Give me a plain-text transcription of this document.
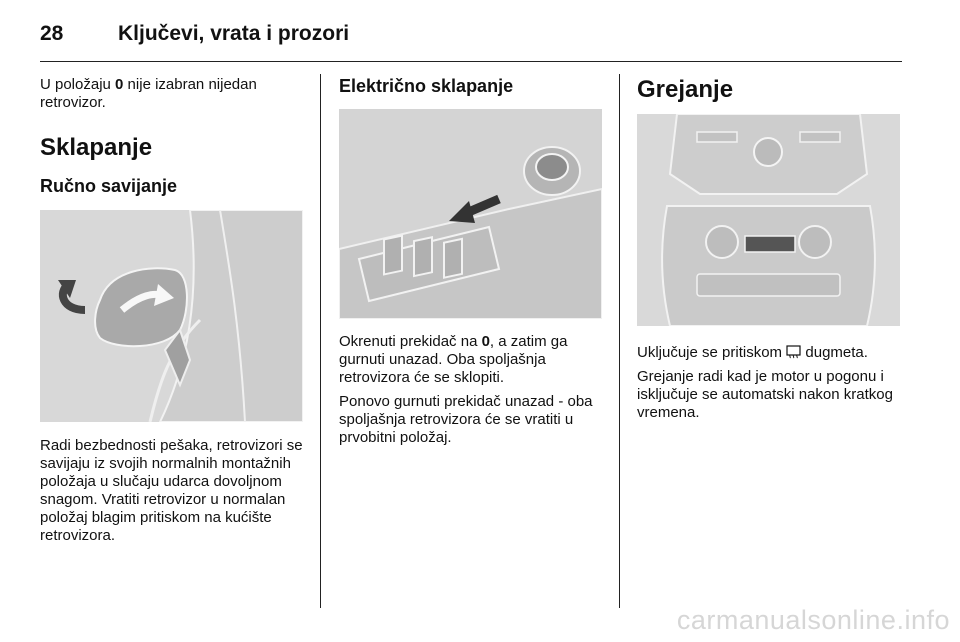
28	Ključevi, vrata i prozori

U položaju 0 nije izabran nijedan retrovizor.

Sklapanje
Ručno savijanje

Radi bezbednosti pešaka, retrovizori se savijaju iz svojih normalnih montažnih položaja u slučaju udarca dovoljnom snagom. Vratiti retrovizor u normalan položaj blagim pritiskom na kućište retrovizora.

Električno sklapanje

Okrenuti prekidač na 0, a zatim ga gurnuti unazad. Oba spoljašnja retrovizora će se sklopiti.

Ponovo gurnuti prekidač unazad - oba spoljašnja retrovizora će se vratiti u prvobitni položaj.

Grejanje

Uključuje se pritiskom
dugmeta.

Grejanje radi kad je motor u pogonu i isključuje se automatski nakon kratkog vremena.

carmanualsonline.info
